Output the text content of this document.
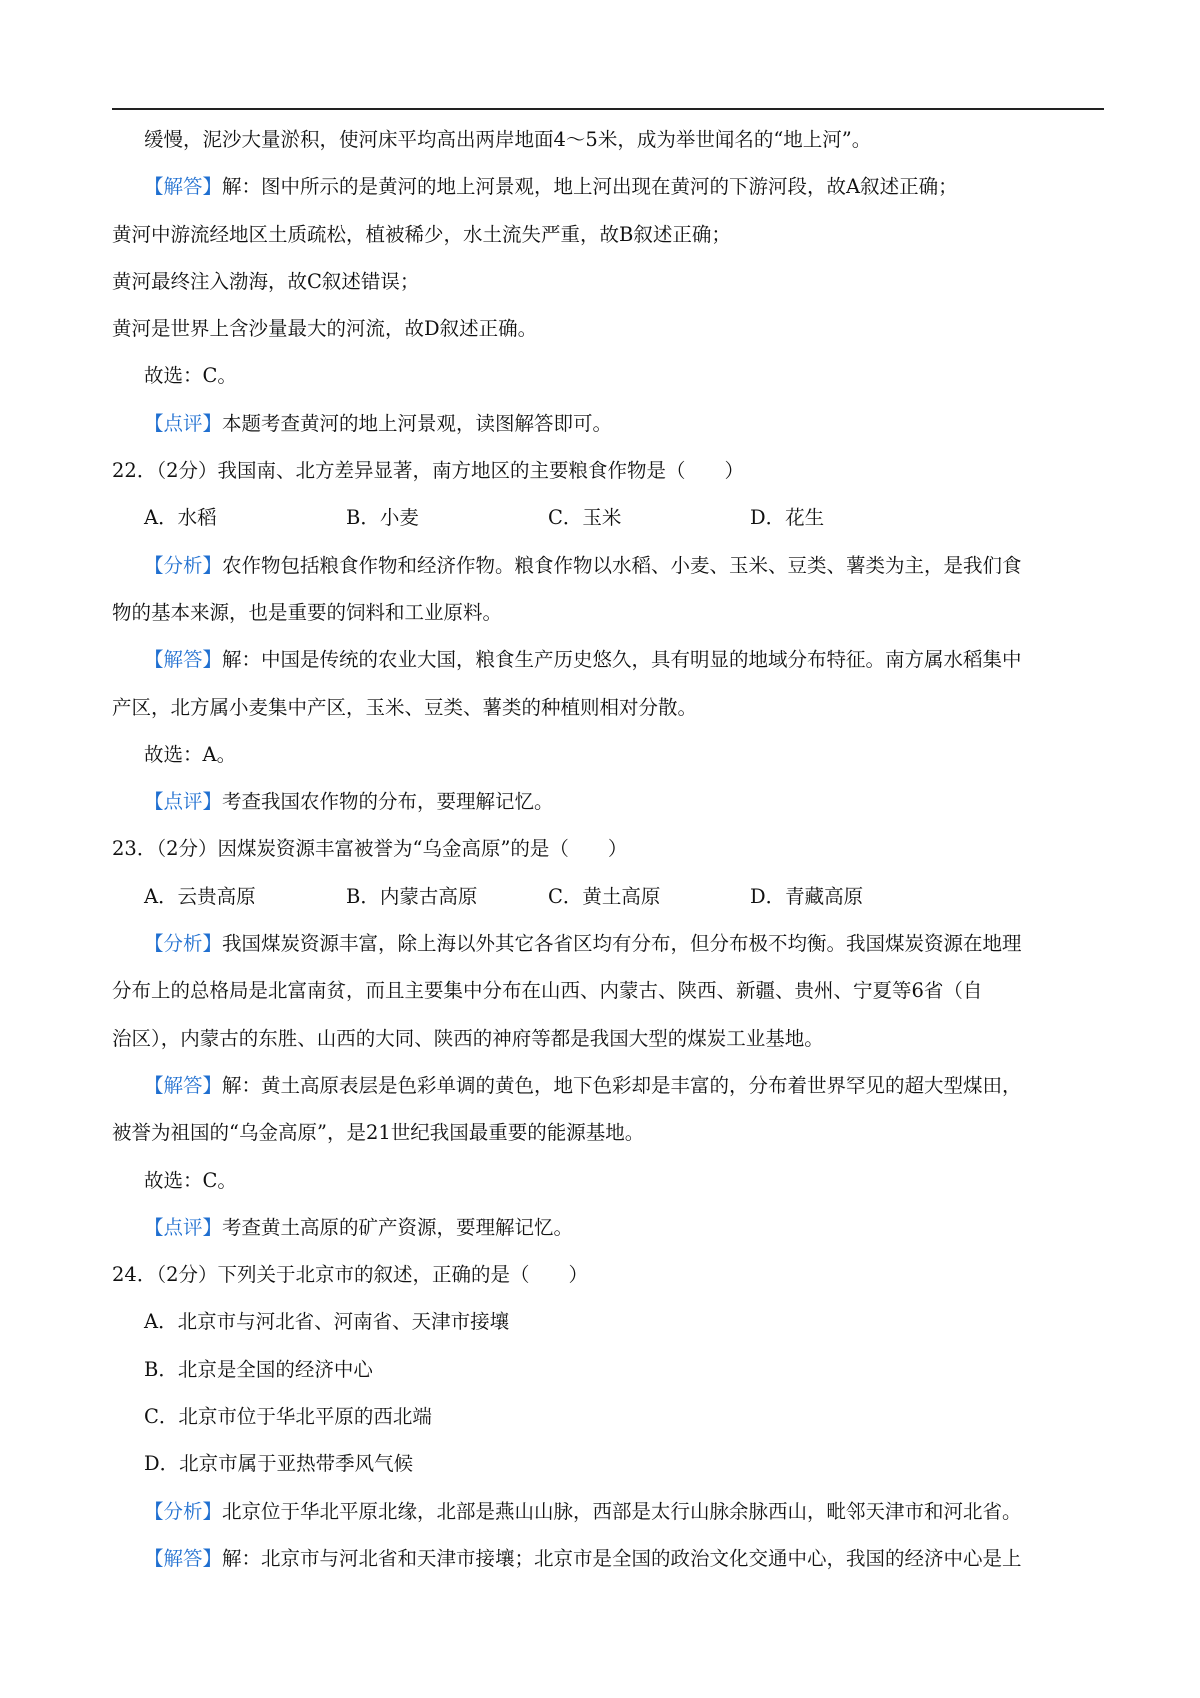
缓慢，泥沙大量淤积，使河床平均高出两岸地面4～5米，成为举世闻名的“地上河”。
【解答】解：图中所示的是黄河的地上河景观，地上河出现在黄河的下游河段，故A叙述正确；
黄河中游流经地区土质疏松，植被稀少，水土流失严重，故B叙述正确；
黄河最终注入渤海，故C叙述错误；
黄河是世界上含沙量最大的河流，故D叙述正确。
故选：C。
【点评】本题考查黄河的地上河景观，读图解答即可。
22．（2分）我国南、北方差异显著，南方地区的主要粮食作物是（　　）
A．水稻	B．小麦	C．玉米	D．花生
【分析】农作物包括粮食作物和经济作物。粮食作物以水稻、小麦、玉米、豆类、薯类为主，是我们食
物的基本来源，也是重要的饲料和工业原料。
【解答】解：中国是传统的农业大国，粮食生产历史悠久，具有明显的地域分布特征。南方属水稻集中
产区，北方属小麦集中产区，玉米、豆类、薯类的种植则相对分散。
故选：A。
【点评】考查我国农作物的分布，要理解记忆。
23．（2分）因煤炭资源丰富被誉为“乌金高原”的是（　　）
A．云贵高原	B．内蒙古高原	C．黄土高原	D．青藏高原
【分析】我国煤炭资源丰富，除上海以外其它各省区均有分布，但分布极不均衡。我国煤炭资源在地理
分布上的总格局是北富南贫，而且主要集中分布在山西、内蒙古、陕西、新疆、贵州、宁夏等6省（自
治区），内蒙古的东胜、山西的大同、陕西的神府等都是我国大型的煤炭工业基地。
【解答】解：黄土高原表层是色彩单调的黄色，地下色彩却是丰富的，分布着世界罕见的超大型煤田，
被誉为祖国的“乌金高原”，是21世纪我国最重要的能源基地。
故选：C。
【点评】考查黄土高原的矿产资源，要理解记忆。
24．（2分）下列关于北京市的叙述，正确的是（　　）
A．北京市与河北省、河南省、天津市接壤
B．北京是全国的经济中心
C．北京市位于华北平原的西北端
D．北京市属于亚热带季风气候
【分析】北京位于华北平原北缘，北部是燕山山脉，西部是太行山脉余脉西山，毗邻天津市和河北省。
【解答】解：北京市与河北省和天津市接壤；北京市是全国的政治文化交通中心，我国的经济中心是上
